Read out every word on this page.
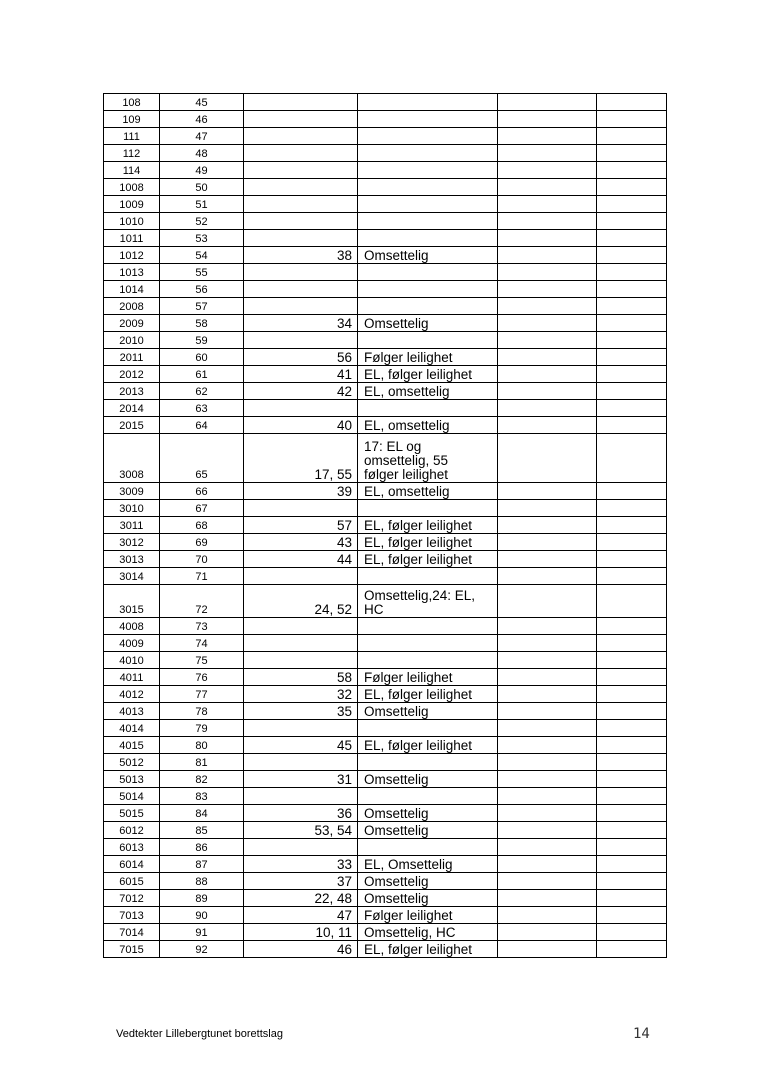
108	45				
109	46				
111	47				
112	48				
114	49				
1008	50				
1009	51				
1010	52				
1011	53				
1012	54	38	Omsettelig		
1013	55				
1014	56				
2008	57				
2009	58	34	Omsettelig		
2010	59				
2011	60	56	Følger leilighet		
2012	61	41	EL, følger leilighet		
2013	62	42	EL, omsettelig		
2014	63				
2015	64	40	EL, omsettelig		
3008	65	17, 55	17: EL og
omsettelig, 55
følger leilighet		
3009	66	39	EL, omsettelig		
3010	67				
3011	68	57	EL, følger leilighet		
3012	69	43	EL, følger leilighet		
3013	70	44	EL, følger leilighet		
3014	71				
3015	72	24, 52	Omsettelig,24: EL,
HC		
4008	73				
4009	74				
4010	75				
4011	76	58	Følger leilighet		
4012	77	32	EL, følger leilighet		
4013	78	35	Omsettelig		
4014	79				
4015	80	45	EL, følger leilighet		
5012	81				
5013	82	31	Omsettelig		
5014	83				
5015	84	36	Omsettelig		
6012	85	53, 54	Omsettelig		
6013	86				
6014	87	33	EL, Omsettelig		
6015	88	37	Omsettelig		
7012	89	22, 48	Omsettelig		
7013	90	47	Følger leilighet		
7014	91	10, 11	Omsettelig, HC		
7015	92	46	EL, følger leilighet		
Vedtekter Lillebergtunet borettslag	14
